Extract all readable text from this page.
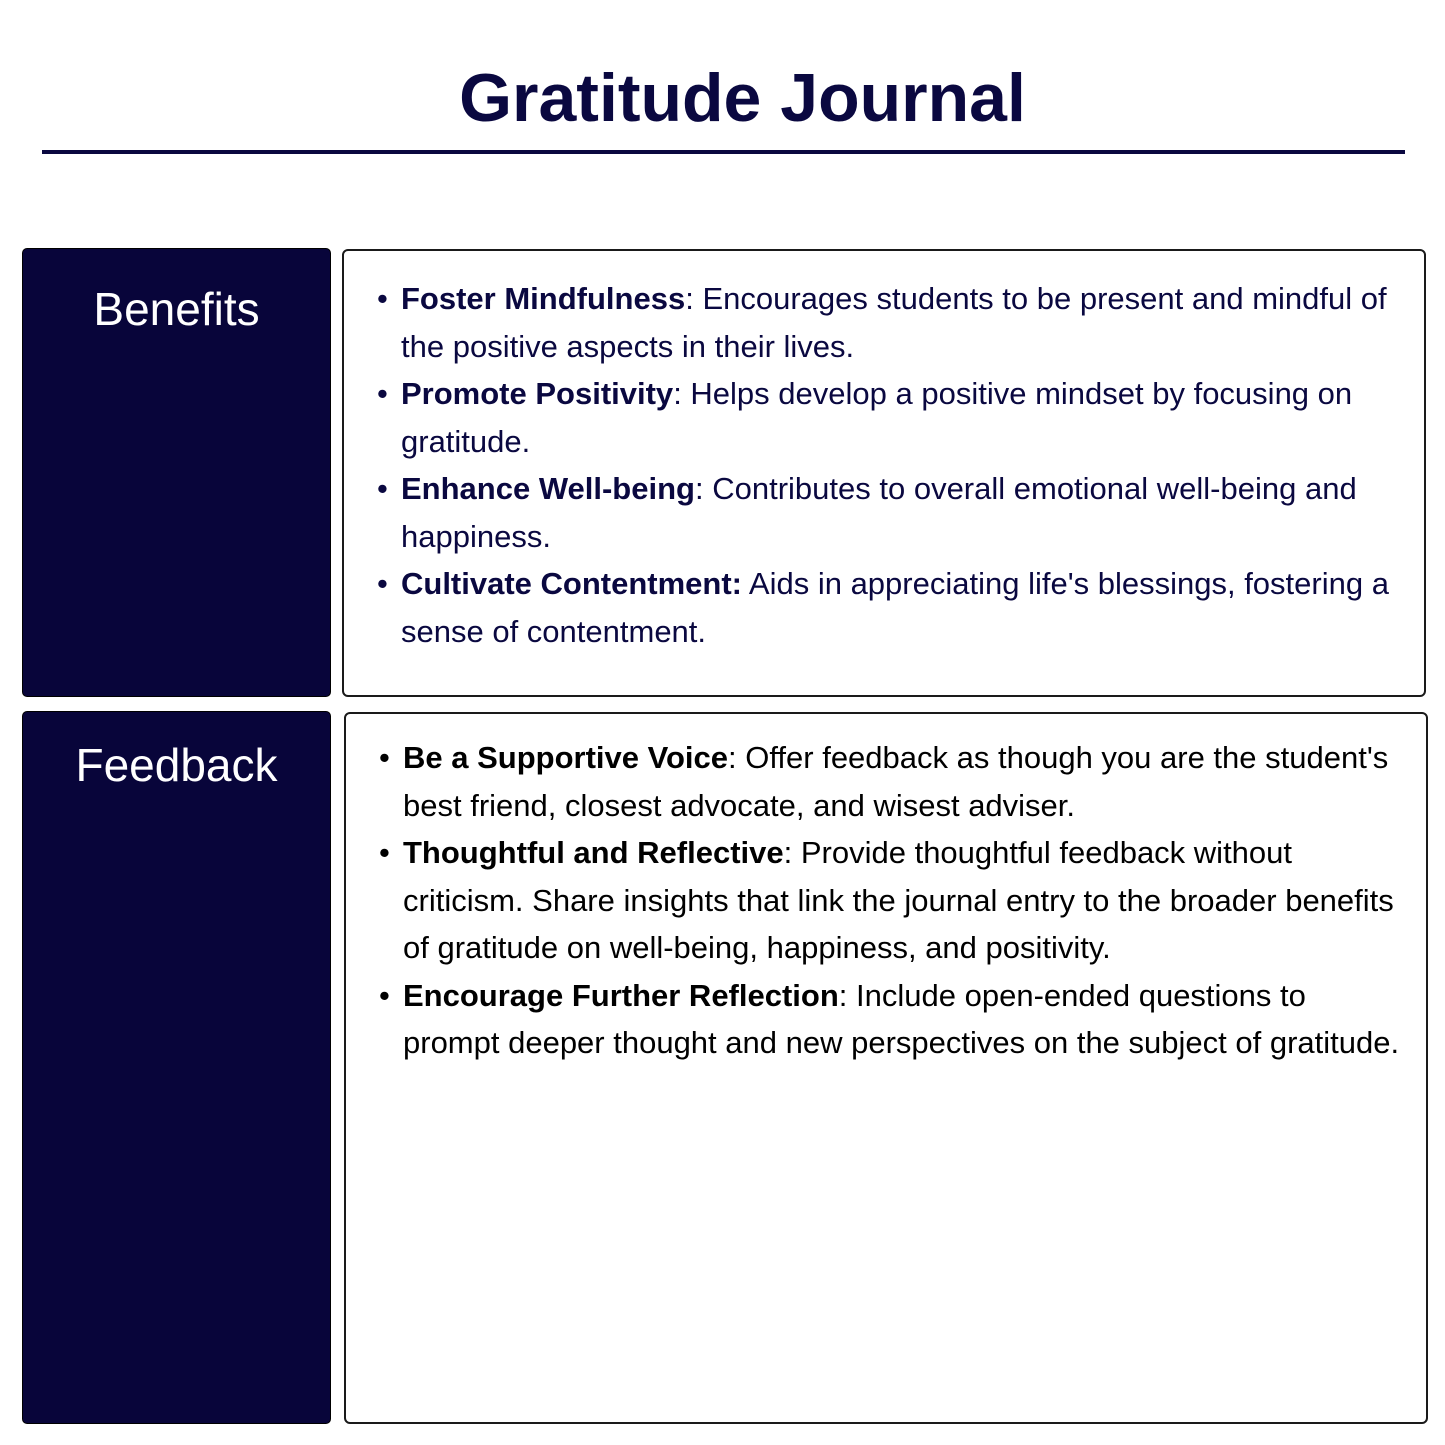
Gratitude Journal
Benefits	• Foster Mindfulness: Encourages students to be present and mindful of the positive aspects in their lives.
• Promote Positivity: Helps develop a positive mindset by focusing on gratitude.
• Enhance Well-being: Contributes to overall emotional well-being and happiness.
• Cultivate Contentment: Aids in appreciating life's blessings, fostering a sense of contentment.
Feedback	• Be a Supportive Voice: Offer feedback as though you are the student's best friend, closest advocate, and wisest adviser.
• Thoughtful and Reflective: Provide thoughtful feedback without criticism. Share insights that link the journal entry to the broader benefits of gratitude on well-being, happiness, and positivity.
• Encourage Further Reflection: Include open-ended questions to prompt deeper thought and new perspectives on the subject of gratitude.
